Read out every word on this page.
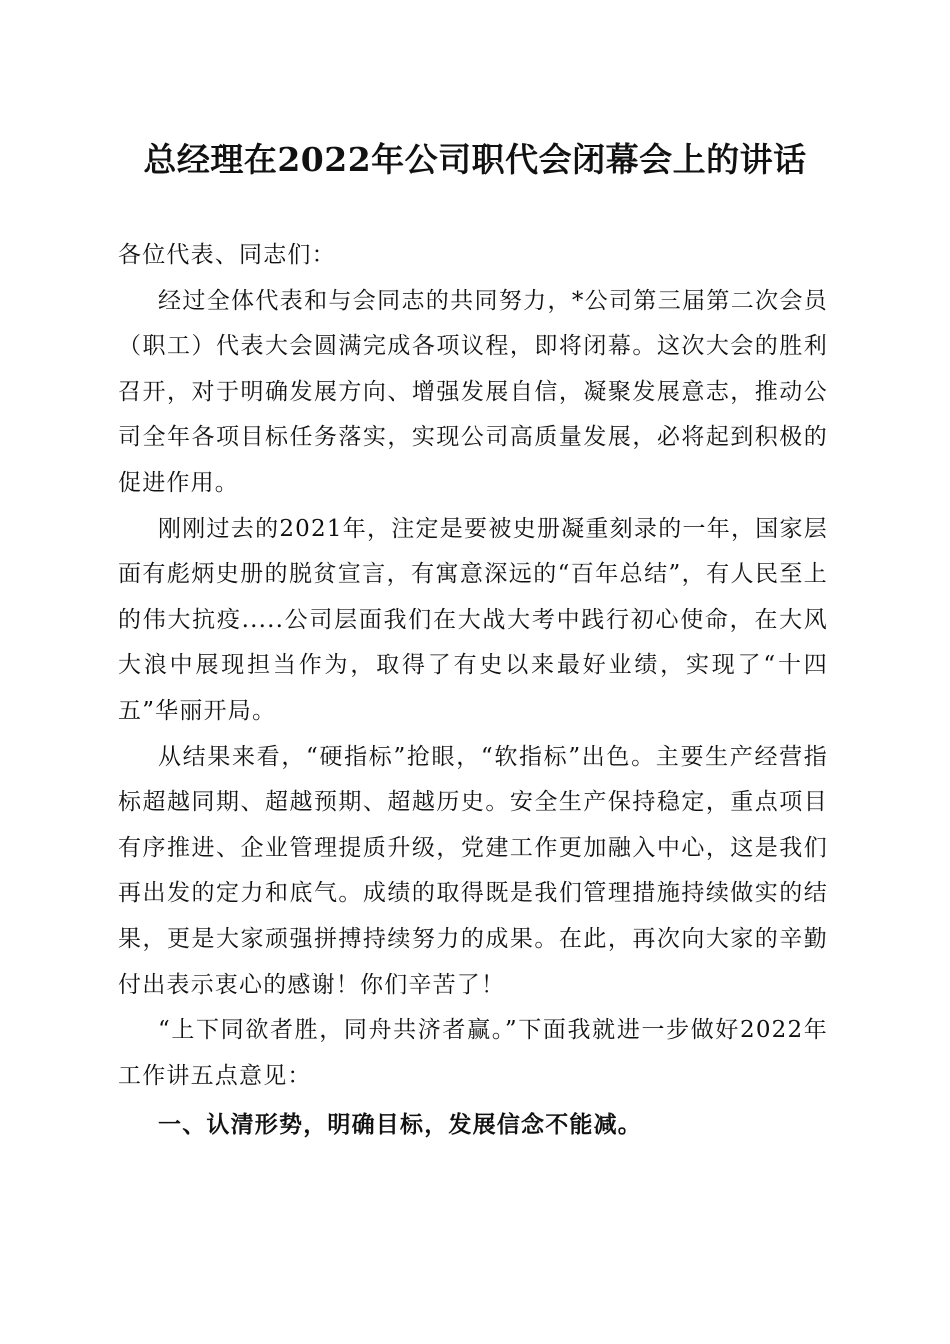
总经理在2022年公司职代会闭幕会上的讲话

各位代表、同志们：

经过全体代表和与会同志的共同努力，*公司第三届第二次会员（职工）代表大会圆满完成各项议程，即将闭幕。这次大会的胜利召开，对于明确发展方向、增强发展自信，凝聚发展意志，推动公司全年各项目标任务落实，实现公司高质量发展，必将起到积极的促进作用。

刚刚过去的2021年，注定是要被史册凝重刻录的一年，国家层面有彪炳史册的脱贫宣言，有寓意深远的“百年总结”，有人民至上的伟大抗疫.....公司层面我们在大战大考中践行初心使命，在大风大浪中展现担当作为，取得了有史以来最好业绩，实现了“十四五”华丽开局。

从结果来看，“硬指标”抢眼，“软指标”出色。主要生产经营指标超越同期、超越预期、超越历史。安全生产保持稳定，重点项目有序推进、企业管理提质升级，党建工作更加融入中心，这是我们再出发的定力和底气。成绩的取得既是我们管理措施持续做实的结果，更是大家顽强拼搏持续努力的成果。在此，再次向大家的辛勤付出表示衷心的感谢！你们辛苦了！

“上下同欲者胜，同舟共济者赢。”下面我就进一步做好2022年工作讲五点意见：

一、认清形势，明确目标，发展信念不能减。
